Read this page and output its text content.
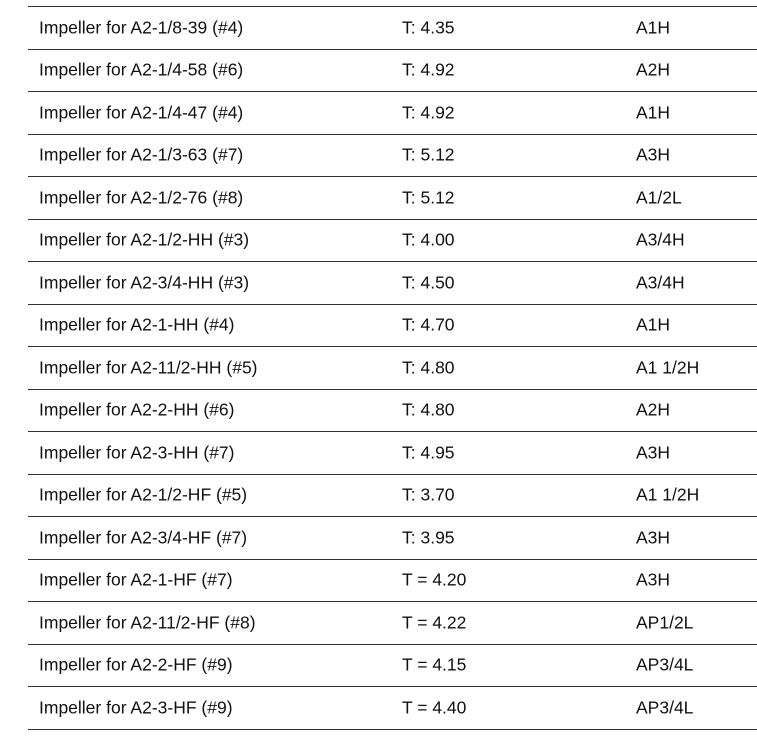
Impeller for A2-1/8-39 (#4)	T: 4.35	A1H
Impeller for A2-1/4-58 (#6)	T: 4.92	A2H
Impeller for A2-1/4-47 (#4)	T: 4.92	A1H
Impeller for A2-1/3-63 (#7)	T: 5.12	A3H
Impeller for A2-1/2-76 (#8)	T: 5.12	A1/2L
Impeller for A2-1/2-HH (#3)	T: 4.00	A3/4H
Impeller for A2-3/4-HH (#3)	T: 4.50	A3/4H
Impeller for A2-1-HH (#4)	T: 4.70	A1H
Impeller for A2-11/2-HH (#5)	T: 4.80	A1 1/2H
Impeller for A2-2-HH (#6)	T: 4.80	A2H
Impeller for A2-3-HH (#7)	T: 4.95	A3H
Impeller for A2-1/2-HF (#5)	T: 3.70	A1 1/2H
Impeller for A2-3/4-HF (#7)	T: 3.95	A3H
Impeller for A2-1-HF (#7)	T = 4.20	A3H
Impeller for A2-11/2-HF (#8)	T = 4.22	AP1/2L
Impeller for A2-2-HF (#9)	T = 4.15	AP3/4L
Impeller for A2-3-HF (#9)	T = 4.40	AP3/4L
